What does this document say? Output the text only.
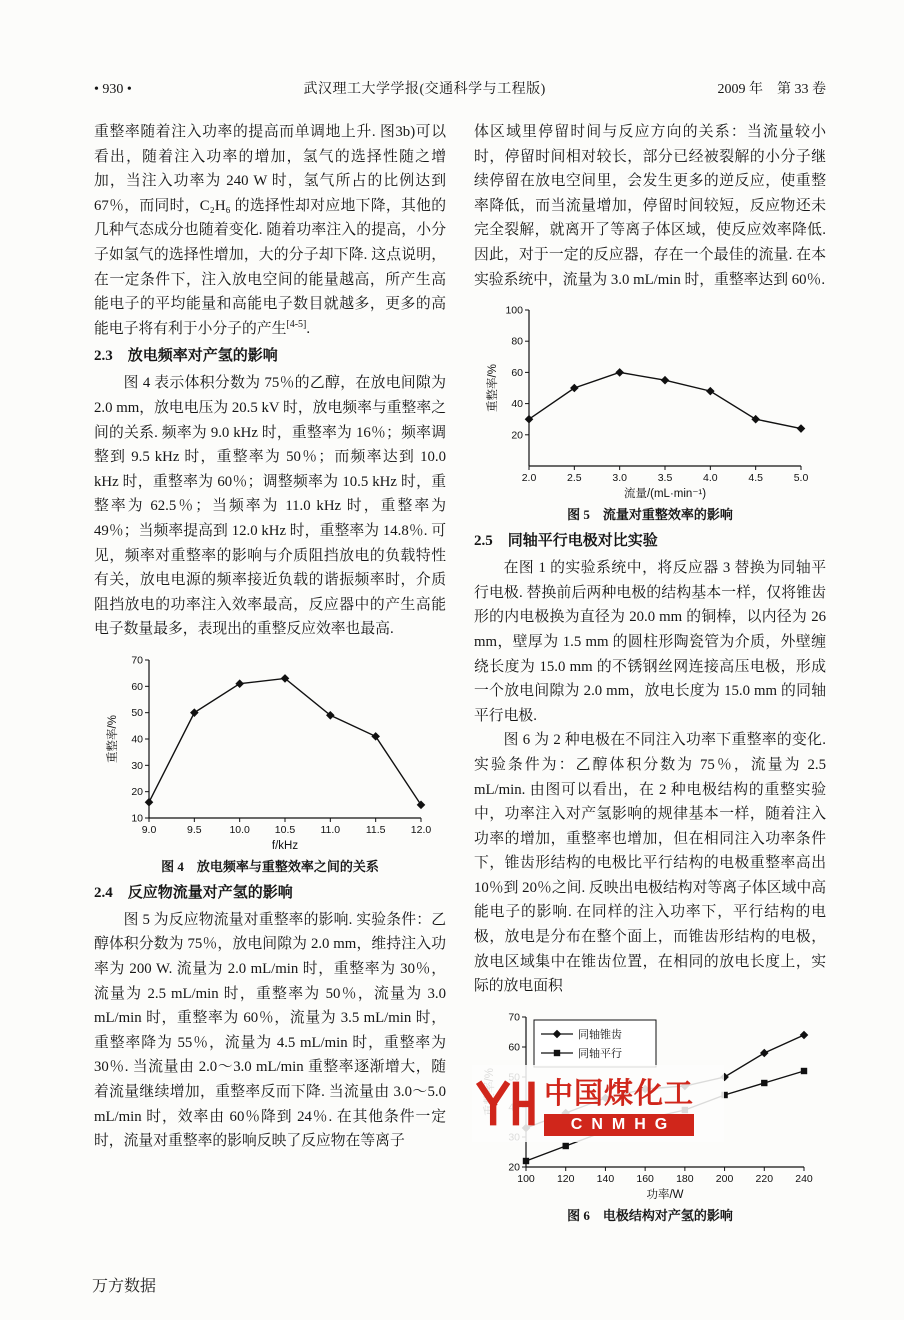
• 930 •	武汉理工大学学报(交通科学与工程版)	2009 年　第 33 卷

重整率随着注入功率的提高而单调地上升. 图3b)可以看出，随着注入功率的增加，氢气的选择性随之增加，当注入功率为 240 W 时，氢气所占的比例达到 67％，而同时，C₂H₆ 的选择性却对应地下降，其他的几种气态成分也随着变化. 随着功率注入的提高，小分子如氢气的选择性增加，大的分子却下降. 这点说明，在一定条件下，注入放电空间的能量越高，所产生高能电子的平均能量和高能电子数目就越多，更多的高能电子将有利于小分子的产生[4-5].

2.3　放电频率对产氢的影响

图 4 表示体积分数为 75％的乙醇，在放电间隙为 2.0 mm，放电电压为 20.5 kV 时，放电频率与重整率之间的关系. 频率为 9.0 kHz 时，重整率为 16％；频率调整到 9.5 kHz 时，重整率为 50％；而频率达到 10.0 kHz 时，重整率为 60％；调整频率为 10.5 kHz 时，重整率为 62.5％；当频率为 11.0 kHz 时，重整率为 49％；当频率提高到 12.0 kHz 时，重整率为 14.8％. 可见，频率对重整率的影响与介质阻挡放电的负载特性有关，放电电源的频率接近负载的谐振频率时，介质阻挡放电的功率注入效率最高，反应器中的产生高能电子数量最多，表现出的重整反应效率也最高.

9.0	9.5	10.0 10.5 11.0 11.5 12.0
10
20
30
40
50
60
70
f/kHz
重整率/%
图 4　放电频率与重整效率之间的关系
2.4　反应物流量对产氢的影响

图 5 为反应物流量对重整率的影响. 实验条件：乙醇体积分数为 75％，放电间隙为 2.0 mm，维持注入功率为 200 W. 流量为 2.0 mL/min 时，重整率为 30％，流量为 2.5 mL/min 时，重整率为 50％，流量为 3.0 mL/min 时，重整率为 60％，流量为 3.5 mL/min 时，重整率降为 55％，流量为 4.5 mL/min 时，重整率为 30％. 当流量由 2.0～3.0 mL/min 重整率逐渐增大，随着流量继续增加，重整率反而下降. 当流量由 3.0～5.0 mL/min 时，效率由 60％降到 24％. 在其他条件一定时，流量对重整率的影响反映了反应物在等离子

体区域里停留时间与反应方向的关系：当流量较小时，停留时间相对较长，部分已经被裂解的小分子继续停留在放电空间里，会发生更多的逆反应，使重整率降低，而当流量增加，停留时间较短，反应物还未完全裂解，就离开了等离子体区域，使反应效率降低. 因此，对于一定的反应器，存在一个最佳的流量. 在本实验系统中，流量为 3.0 mL/min 时，重整率达到 60％.

2.0	2.5	3.0	3.5	4.0	4.5	5.0
20
40
60
80
100
流量/(mL·min⁻¹)
重整率/%
图 5　流量对重整效率的影响
2.5　同轴平行电极对比实验

在图 1 的实验系统中，将反应器 3 替换为同轴平行电极. 替换前后两种电极的结构基本一样，仅将锥齿形的内电极换为直径为 20.0 mm 的铜棒，以内径为 26 mm，壁厚为 1.5 mm 的圆柱形陶瓷管为介质，外壁缠绕长度为 15.0 mm 的不锈钢丝网连接高压电极，形成一个放电间隙为 2.0 mm，放电长度为 15.0 mm 的同轴平行电极.

图 6 为 2 种电极在不同注入功率下重整率的变化. 实验条件为：乙醇体积分数为 75％，流量为 2.5 mL/min. 由图可以看出，在 2 种电极结构的重整实验中，功率注入对产氢影响的规律基本一样，随着注入功率的增加，重整率也增加，但在相同注入功率条件下，锥齿形结构的电极比平行结构的电极重整率高出 10％到 20％之间. 反映出电极结构对等离子体区域中高能电子的影响. 在同样的注入功率下，平行结构的电极，放电是分布在整个面上，而锥齿形结构的电极，放电区域集中在锥齿位置，在相同的放电长度上，实际的放电面积

100 120 140 160 180 200 220 240
20
60
70
功率/W
同轴锥齿
同轴平行
中国煤化工
CNMHG
图 6　电极结构对产氢的影响
万方数据
